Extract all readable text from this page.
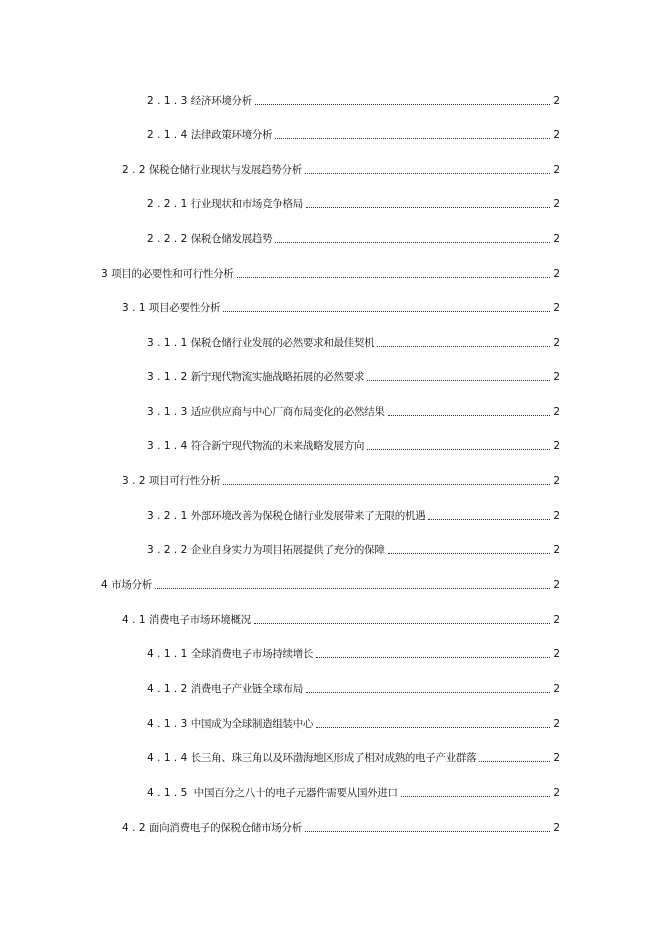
2.1.3 经济环境分析	2
2.1.4 法律政策环境分析	2
2.2 保税仓储行业现状与发展趋势分析	2
2.2.1 行业现状和市场竞争格局	2
2.2.2 保税仓储发展趋势	2
3 项目的必要性和可行性分析	2
3.1 项目必要性分析	2
3.1.1 保税仓储行业发展的必然要求和最佳契机	2
3.1.2 新宁现代物流实施战略拓展的必然要求	2
3.1.3 适应供应商与中心厂商布局变化的必然结果	2
3.1.4 符合新宁现代物流的未来战略发展方向	2
3.2 项目可行性分析	2
3.2.1 外部环境改善为保税仓储行业发展带来了无限的机遇	2
3.2.2 企业自身实力为项目拓展提供了充分的保障	2
4 市场分析	2
4.1 消费电子市场环境概况	2
4.1.1 全球消费电子市场持续增长	2
4.1.2 消费电子产业链全球布局	2
4.1.3 中国成为全球制造组装中心	2
4.1.4 长三角、珠三角以及环渤海地区形成了相对成熟的电子产业群落	2
4.1.5 中国百分之八十的电子元器件需要从国外进口	2
4.2 面向消费电子的保税仓储市场分析	2
